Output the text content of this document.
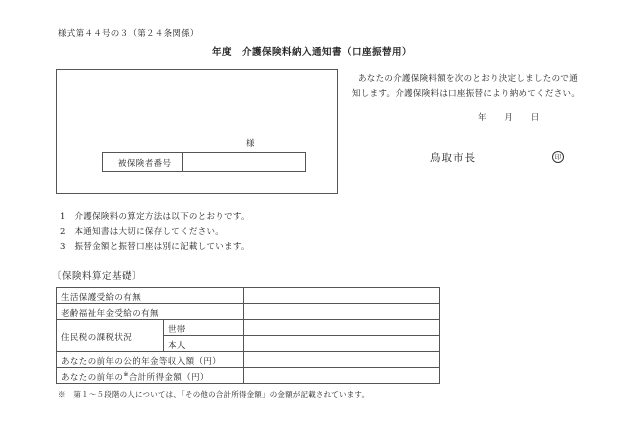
様式第４４号の３（第２４条関係）
年度　介護保険料納入通知書（口座振替用）
様
被保険者番号
あなたの介護保険料額を次のとおり決定しましたので通
知します。介護保険料は口座振替により納めてください。
年　　月　　日
鳥取市長	印
1　介護保険料の算定方法は以下のとおりです。
2　本通知書は大切に保存してください。
3　振替金額と振替口座は別に記載しています。
〔保険料算定基礎〕
生活保護受給の有無
老齢福祉年金受給の有無
住民税の課税状況
世帯
本人
あなたの前年の公的年金等収入額（円）
あなたの前年の※合計所得金額（円）
※　第１～５段階の人については、「その他の合計所得金額」の金額が記載されています。
